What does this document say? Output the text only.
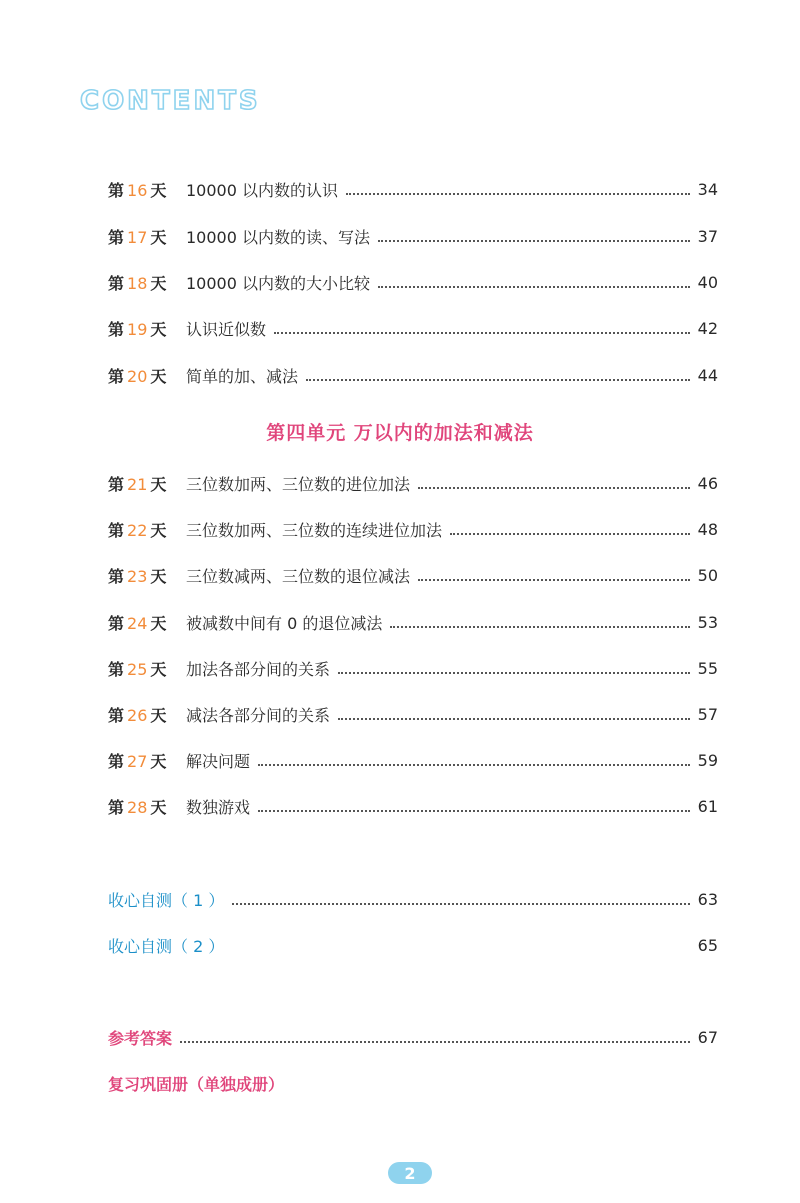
CONTENTS
第 16 天	10000 以内数的认识	34
第 17 天	10000 以内数的读、写法	37
第 18 天	10000 以内数的大小比较	40
第 19 天	认识近似数	42
第 20 天	简单的加、减法	44
第四单元 万以内的加法和减法
第 21 天	三位数加两、三位数的进位加法	46
第 22 天	三位数加两、三位数的连续进位加法	48
第 23 天	三位数减两、三位数的退位减法	50
第 24 天	被减数中间有 0 的退位减法	53
第 25 天	加法各部分间的关系	55
第 26 天	减法各部分间的关系	57
第 27 天	解决问题	59
第 28 天	数独游戏	61
收心自测（ 1 ）	63
收心自测（ 2 ）	65
参考答案	67
复习巩固册（单独成册）
2
